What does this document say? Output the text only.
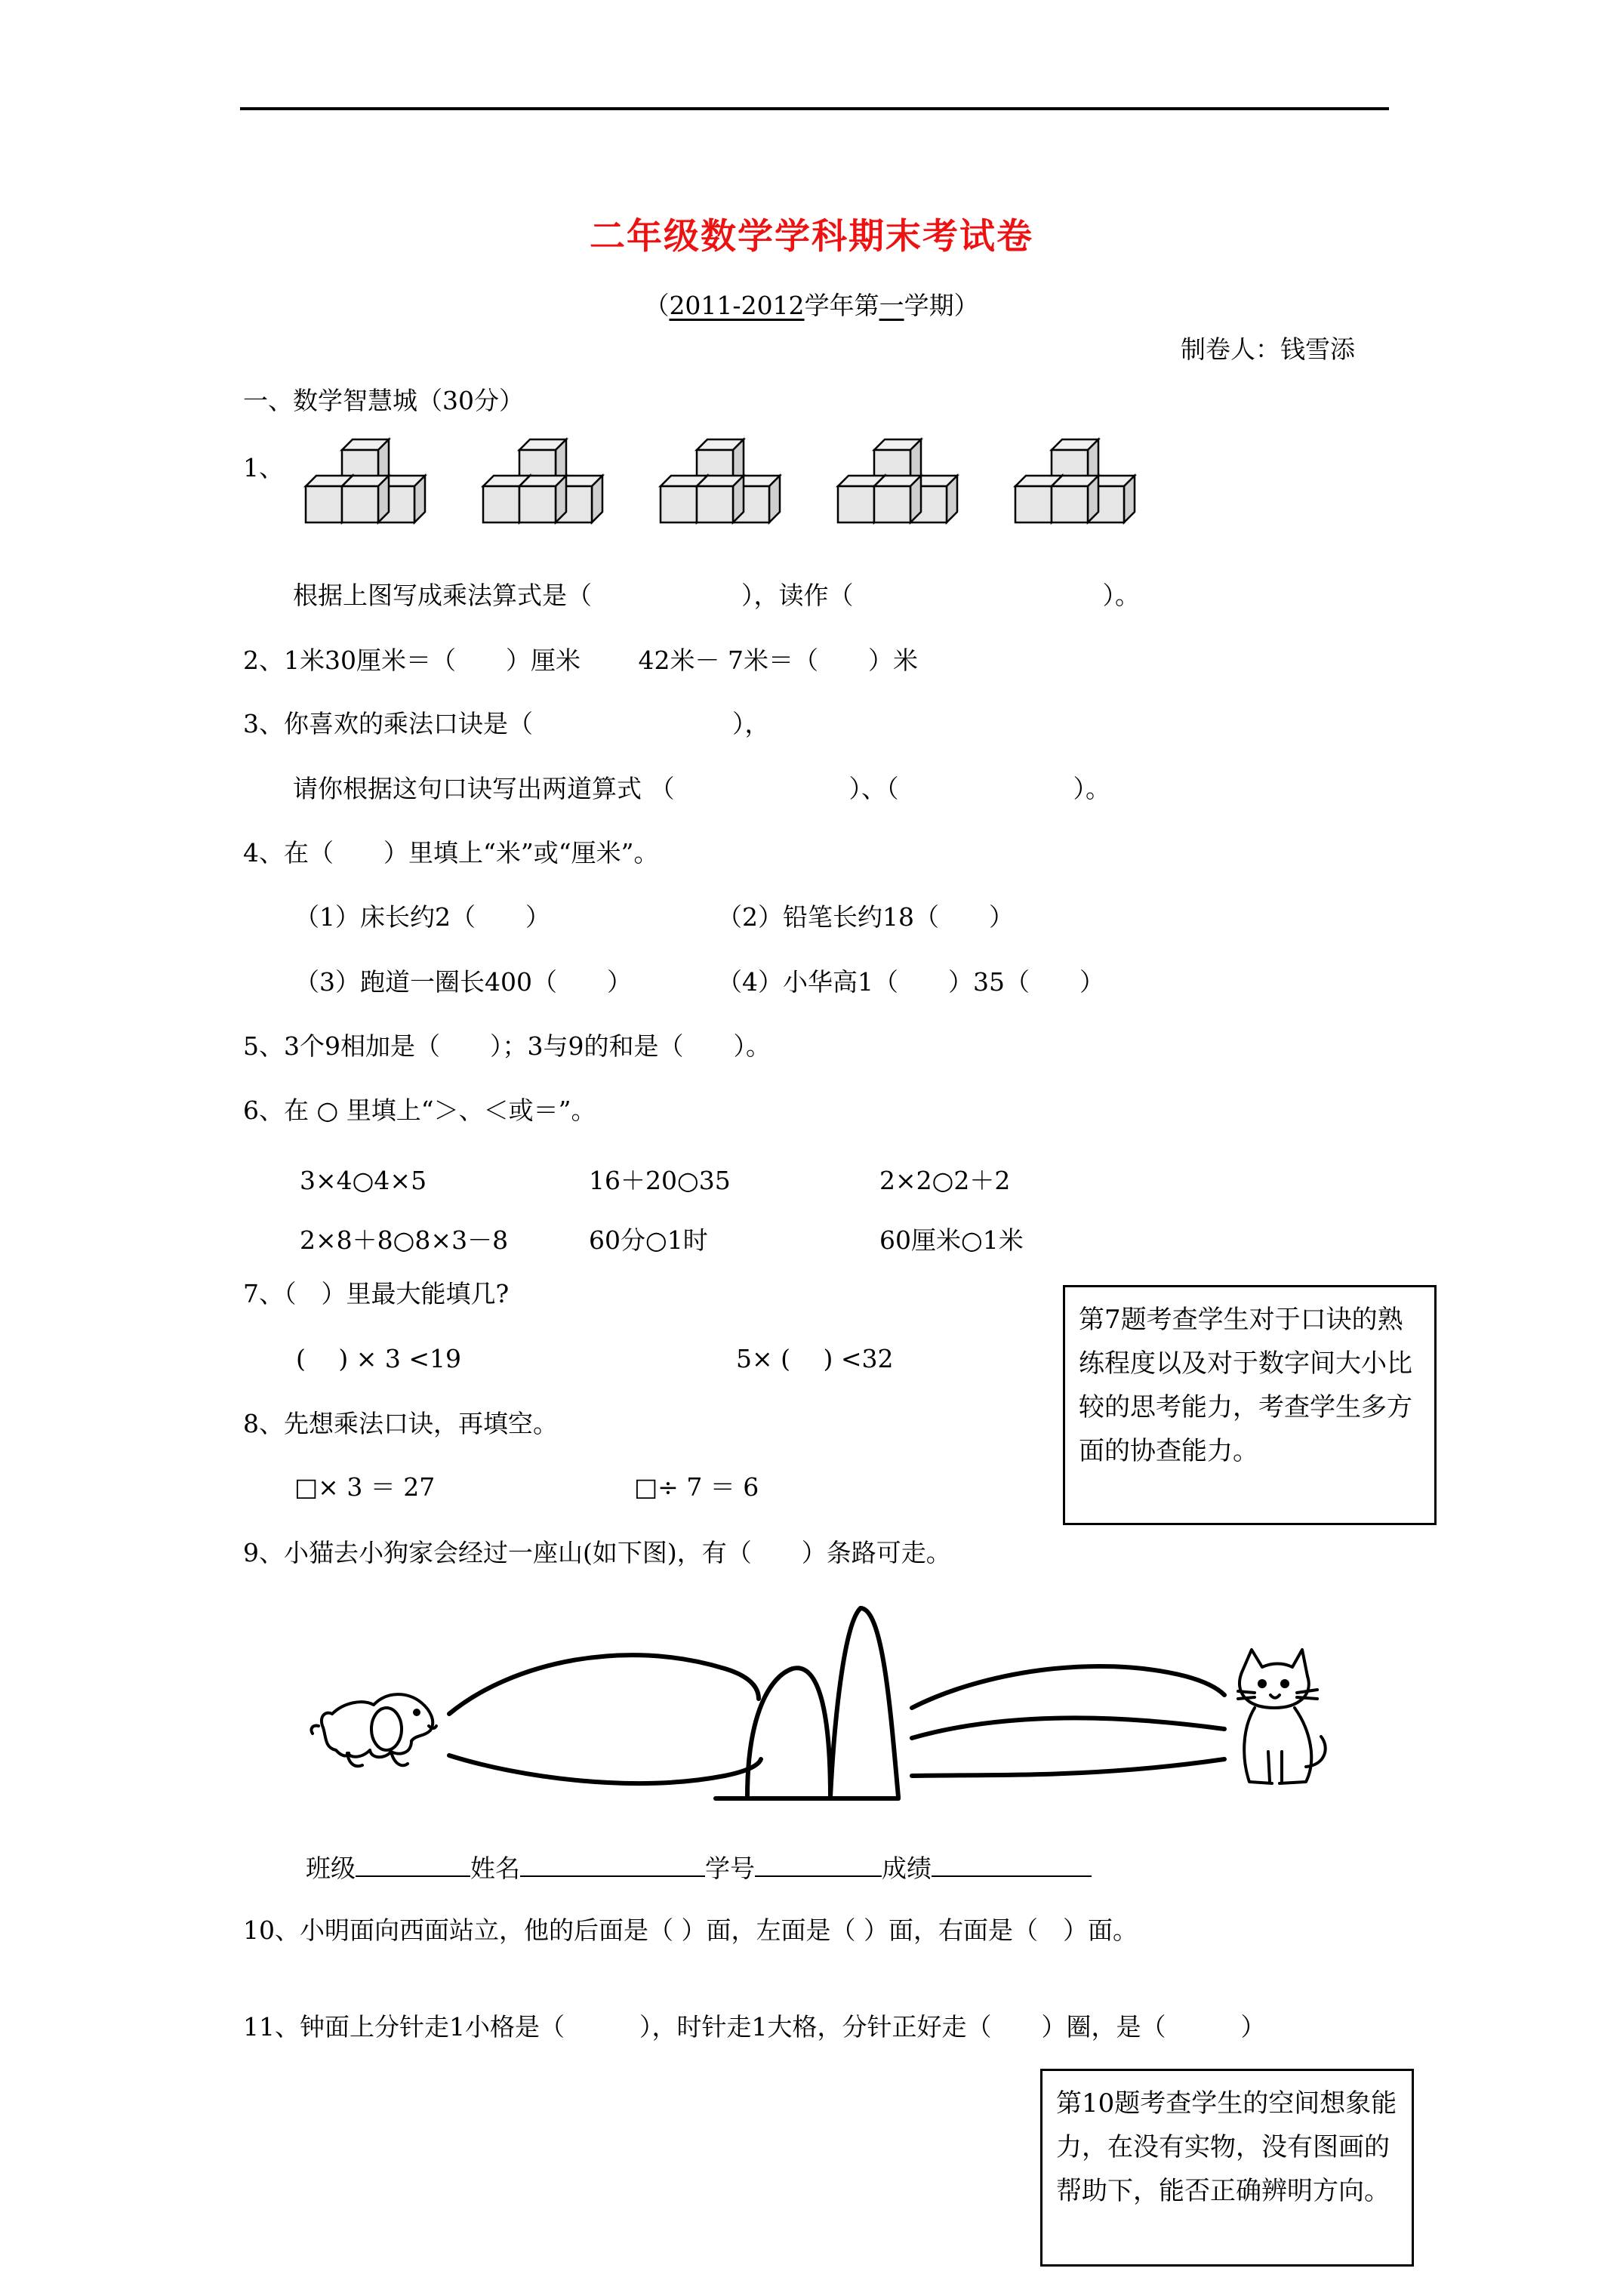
二年级数学学科期末考试卷
（2011-2012学年第一学期）
制卷人：钱雪添
一、数学智慧城（30分）
1、
根据上图写成乘法算式是（　　　　　　），读作（　　　　　　　　　　）。
2、1米30厘米＝（　　）厘米　　 42米－ 7米＝（　　）米
3、你喜欢的乘法口诀是（　　　　　　　　），
请你根据这句口诀写出两道算式 （　　　　　　　）、（　　　　　　　）。
4、在（　　）里填上“米”或“厘米”。
（1）床长约2（　　）	（2）铅笔长约18（　　）
（3）跑道一圈长400（　　）	（4）小华高1（　　）35（　　）
5、3个9相加是（　　）；3与9的和是（　　）。
6、在 ○ 里填上“＞、＜或＝”。
3×4○4×5	16＋20○35	2×2○2＋2
2×8＋8○8×3－8	60分○1时	60厘米○1米
7、（　）里最大能填几?
(　 ) × 3 <19	5× (　 ) <32
第7题考查学生对于口诀的熟练程度以及对于数字间大小比较的思考能力，考查学生多方面的协查能力。
8、先想乘法口诀，再填空。
□× 3 ＝ 27	□÷ 7 ＝ 6
9、小猫去小狗家会经过一座山(如下图)，有（　　）条路可走。
班级	姓名	学号	成绩
10、小明面向西面站立，他的后面是（ ）面，左面是（ ）面，右面是（　）面。
11、钟面上分针走1小格是（　　　），时针走1大格，分针正好走（　　）圈，是（　　　）
第10题考查学生的空间想象能力，在没有实物，没有图画的帮助下，能否正确辨明方向。
